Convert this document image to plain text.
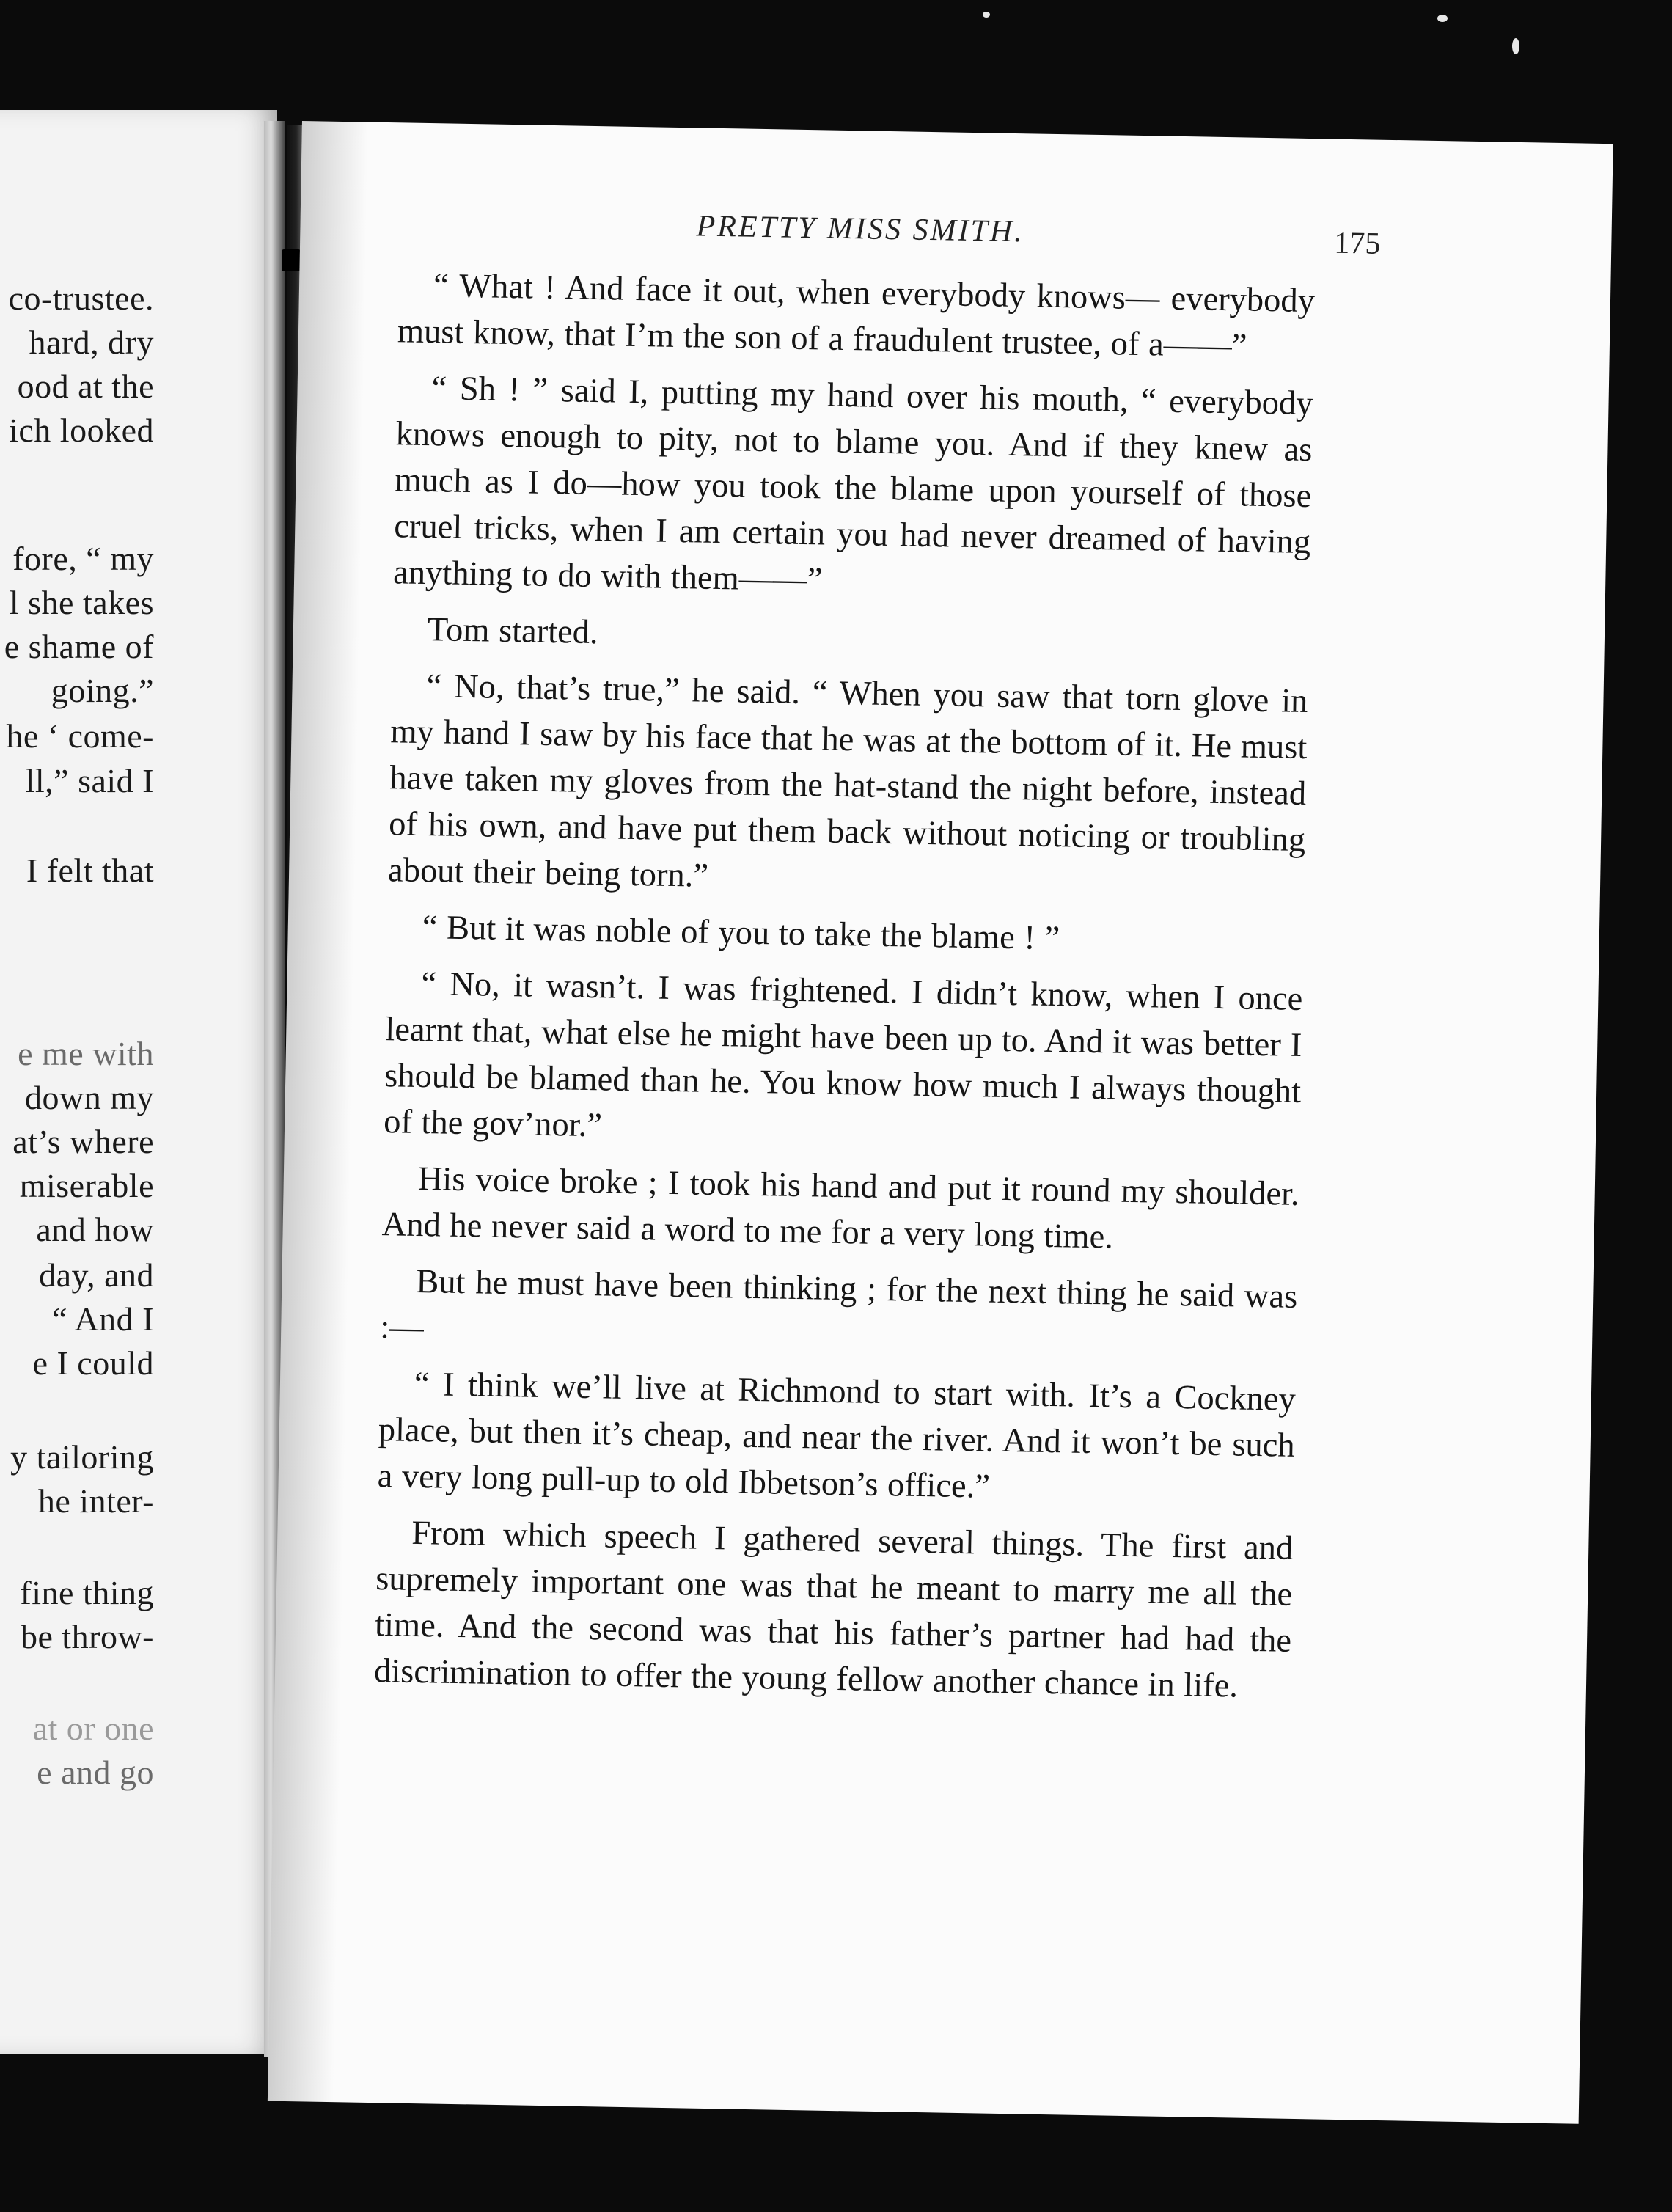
co-trustee.
hard, dry
ood at the
ich looked
fore, “ my
l she takes
e shame of
going.”
he ‘ come-
ll,” said I
I felt that
e me with
down my
at’s where
miserable
and how
day, and
“ And I
e I could
y tailoring
he inter-
fine thing
be throw-
at or one
e and go
PRETTY MISS SMITH.	175

“ What ! And face it out, when everybody knows— everybody must know, that I’m the son of a fraudulent trustee, of a——”

“ Sh ! ” said I, putting my hand over his mouth, “ everybody knows enough to pity, not to blame you. And if they knew as much as I do—how you took the blame upon yourself of those cruel tricks, when I am certain you had never dreamed of having anything to do with them——”

Tom started.

“ No, that’s true,” he said. “ When you saw that torn glove in my hand I saw by his face that he was at the bottom of it. He must have taken my gloves from the hat-stand the night before, instead of his own, and have put them back without noticing or troubling about their being torn.”

“ But it was noble of you to take the blame ! ”

“ No, it wasn’t. I was frightened. I didn’t know, when I once learnt that, what else he might have been up to. And it was better I should be blamed than he. You know how much I always thought of the gov’nor.”

His voice broke ; I took his hand and put it round my shoulder. And he never said a word to me for a very long time.

But he must have been thinking ; for the next thing he said was :—

“ I think we’ll live at Richmond to start with. It’s a Cockney place, but then it’s cheap, and near the river. And it won’t be such a very long pull-up to old Ibbetson’s office.”

From which speech I gathered several things. The first and supremely important one was that he meant to marry me all the time. And the second was that his father’s partner had had the discrimination to offer the young fellow another chance in life.
